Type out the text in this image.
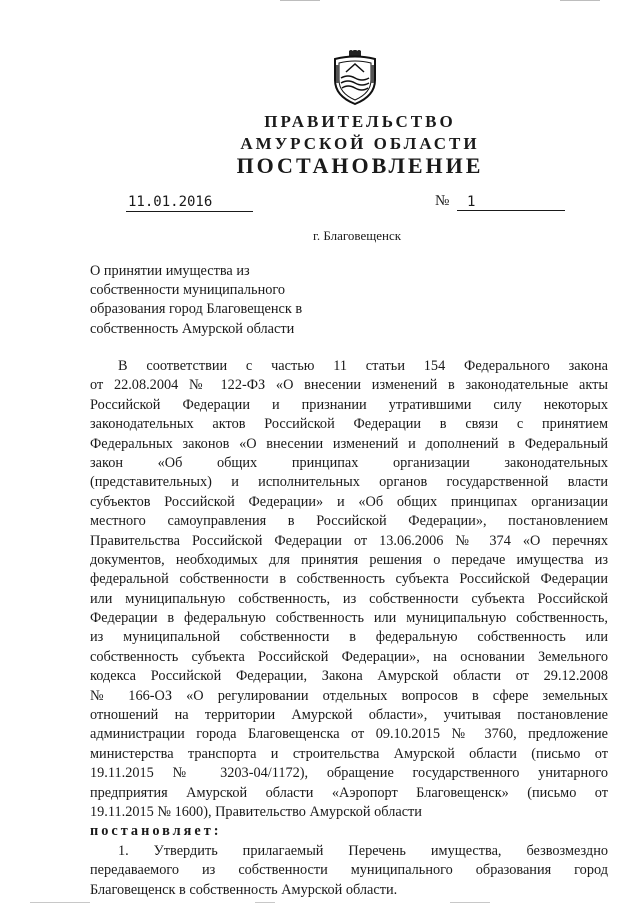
ПРАВИТЕЛЬСТВО
АМУРСКОЙ ОБЛАСТИ
ПОСТАНОВЛЕНИЕ
11.01.2016	№	1
г. Благовещенск
О принятии имущества из
собственности муниципального
образования город Благовещенск в
собственность Амурской области
В соответствии с частью 11 статьи 154 Федерального закона
от 22.08.2004 № 122-ФЗ «О внесении изменений в законодательные акты
Российской Федерации и признании утратившими силу некоторых
законодательных актов Российской Федерации в связи с принятием
Федеральных законов «О внесении изменений и дополнений в Федеральный
закон «Об общих принципах организации законодательных
(представительных) и исполнительных органов государственной власти
субъектов Российской Федерации» и «Об общих принципах организации
местного самоуправления в Российской Федерации», постановлением
Правительства Российской Федерации от 13.06.2006 № 374 «О перечнях
документов, необходимых для принятия решения о передаче имущества из
федеральной собственности в собственность субъекта Российской Федерации
или муниципальную собственность, из собственности субъекта Российской
Федерации в федеральную собственность или муниципальную собственность,
из муниципальной собственности в федеральную собственность или
собственность субъекта Российской Федерации», на основании Земельного
кодекса Российской Федерации, Закона Амурской области от 29.12.2008
№ 166-ОЗ «О регулировании отдельных вопросов в сфере земельных
отношений на территории Амурской области», учитывая постановление
администрации города Благовещенска от 09.10.2015 № 3760, предложение
министерства транспорта и строительства Амурской области (письмо от
19.11.2015 № 3203-04/1172), обращение государственного унитарного
предприятия Амурской области «Аэропорт Благовещенск» (письмо от
19.11.2015 № 1600), Правительство Амурской области
постановляет:
1. Утвердить прилагаемый Перечень имущества, безвозмездно
передаваемого из собственности муниципального образования город
Благовещенск в собственность Амурской области.
